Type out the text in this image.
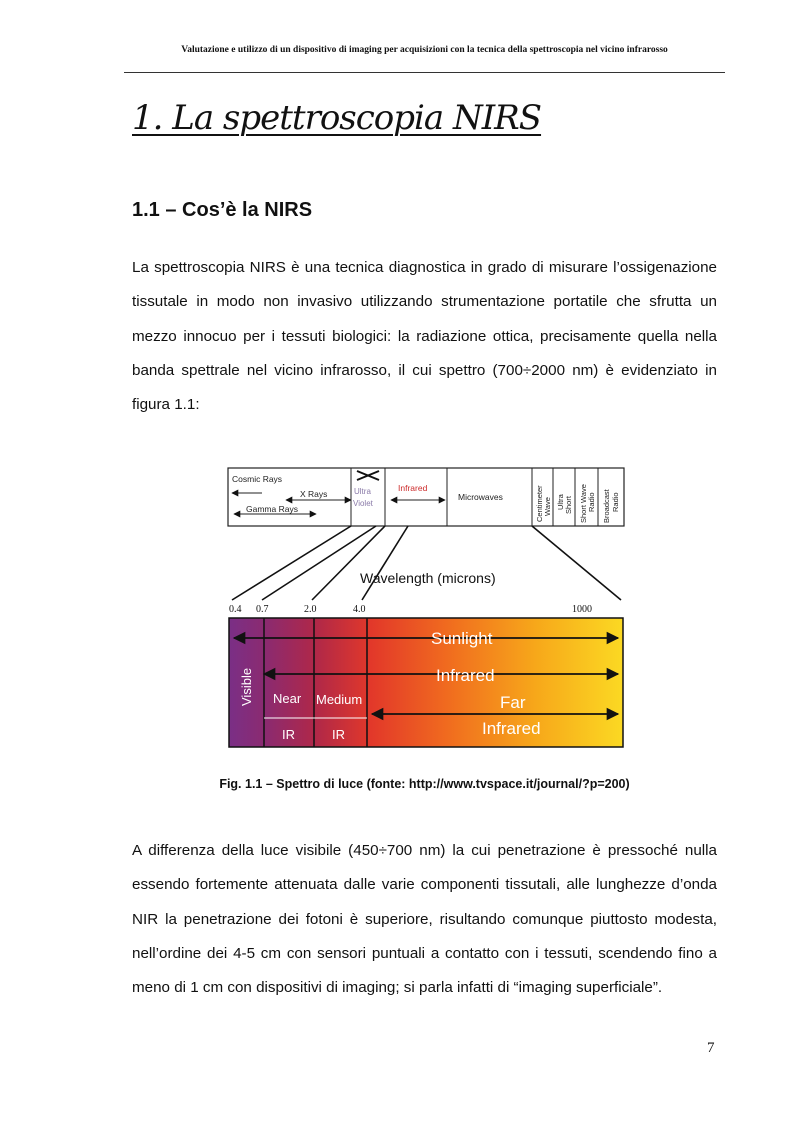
Valutazione e utilizzo di un dispositivo di imaging per acquisizioni con la tecnica della spettroscopia nel vicino infrarosso
1. La spettroscopia NIRS
1.1 – Cos’è la NIRS

La spettroscopia NIRS è una tecnica diagnostica in grado di misurare l’ossigenazione tissutale in modo non invasivo utilizzando strumentazione portatile che sfrutta un mezzo innocuo per i tessuti biologici: la radiazione ottica, precisamente quella nella banda spettrale nel vicino infrarosso, il cui spettro (700÷2000 nm) è evidenziato in figura 1.1:

Cosmic Rays
X Rays
Gamma Rays
Ultra
Violet
Infrared
Microwaves	Centimeter Wave Ultra Short Short Wave Radio Broadcast Radio
Wavelength (microns)
0.4 0.7	2.0	4.0	1000
Sunlight
Infrared
Far
Infrared
Visible Near
IR
Medium
IR
Fig. 1.1 – Spettro di luce (fonte: http://www.tvspace.it/journal/?p=200)

A differenza della luce visibile (450÷700 nm) la cui penetrazione è pressoché nulla essendo fortemente attenuata dalle varie componenti tissutali, alle lunghezze d’onda NIR la penetrazione dei fotoni è superiore, risultando comunque piuttosto modesta, nell’ordine dei 4-5 cm con sensori puntuali a contatto con i tessuti, scendendo fino a meno di 1 cm con dispositivi di imaging; si parla infatti di “imaging superficiale”.

7
